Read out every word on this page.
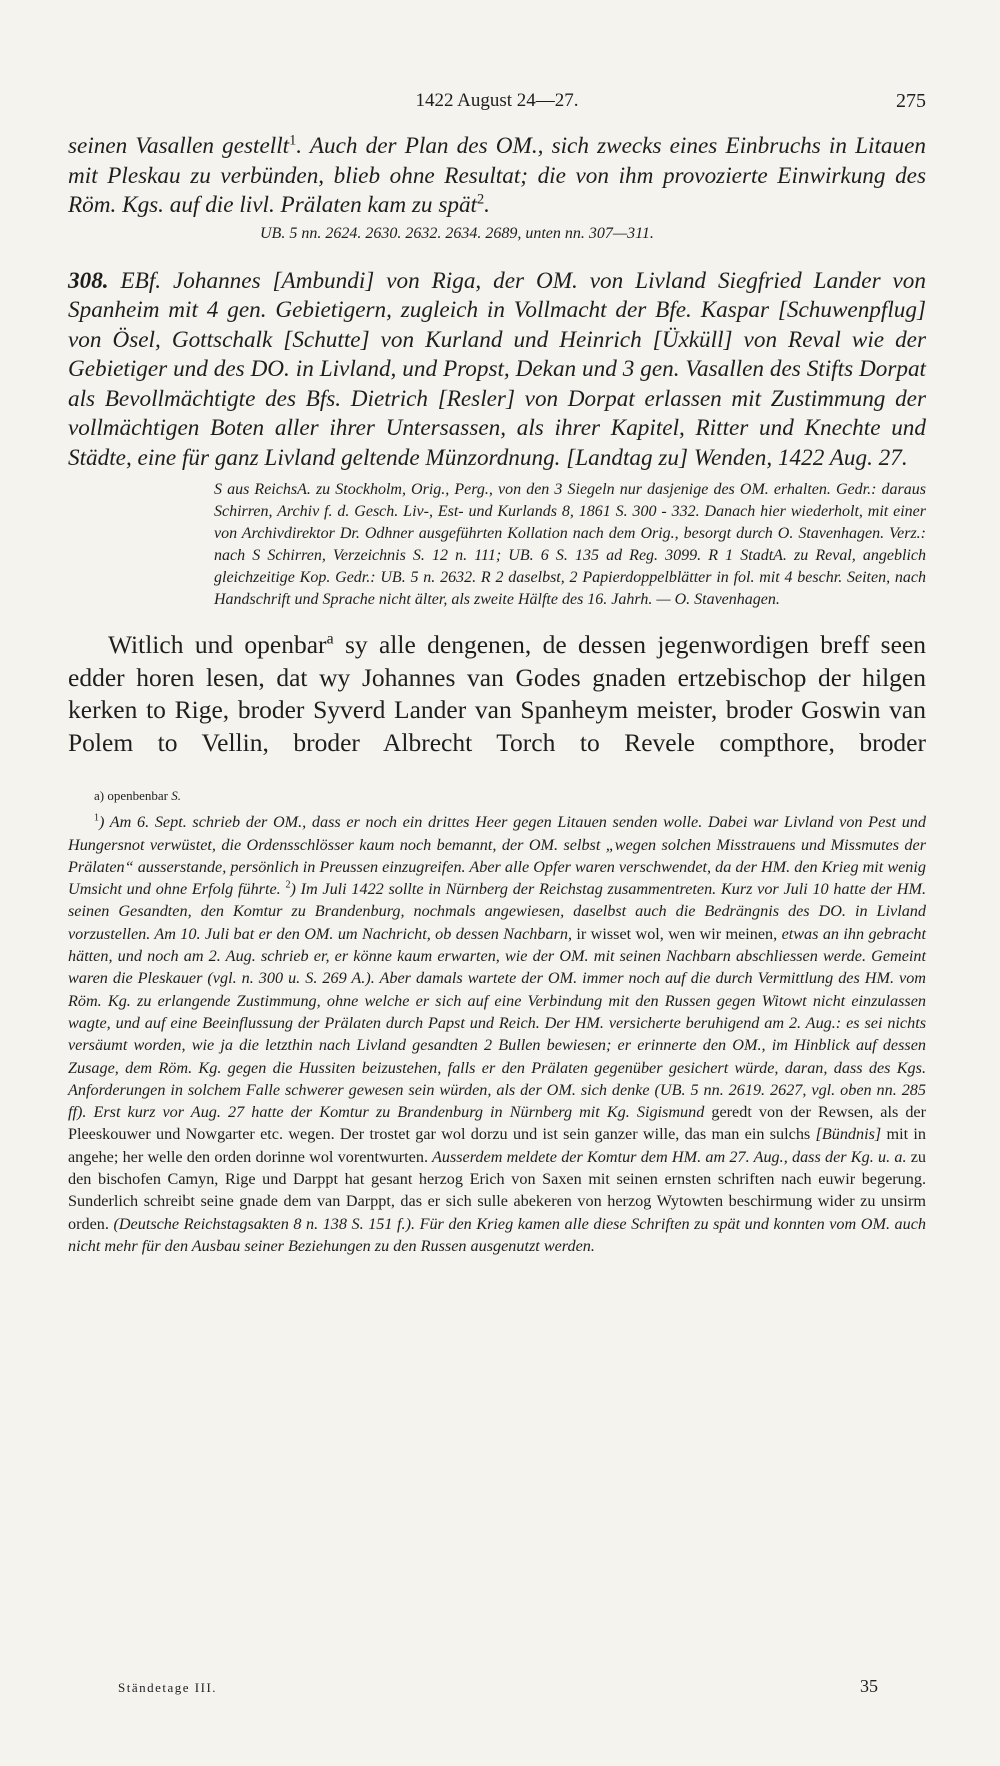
1422 August 24—27.	275
seinen Vasallen gestellt$^1$. Auch der Plan des OM., sich zwecks eines Einbruchs in Litauen mit Pleskau zu verbünden, blieb ohne Resultat; die von ihm provozierte Einwirkung des Röm. Kgs. auf die livl. Prälaten kam zu spät$^2$.
UB. 5 nn. 2624. 2630. 2632. 2634. 2689, unten nn. 307—311.
308. EBf. Johannes [Ambundi] von Riga, der OM. von Livland Siegfried Lander von Spanheim mit 4 gen. Gebietigern, zugleich in Vollmacht der Bfe. Kaspar [Schuwenpflug] von Ösel, Gottschalk [Schutte] von Kurland und Heinrich [Üxküll] von Reval wie der Gebietiger und des DO. in Livland, und Propst, Dekan und 3 gen. Vasallen des Stifts Dorpat als Bevollmächtigte des Bfs. Dietrich [Resler] von Dorpat erlassen mit Zustimmung der vollmächtigen Boten aller ihrer Untersassen, als ihrer Kapitel, Ritter und Knechte und Städte, eine für ganz Livland geltende Münzordnung. [Landtag zu] Wenden, 1422 Aug. 27.
S aus ReichsA. zu Stockholm, Orig., Perg., von den 3 Siegeln nur dasjenige des OM. erhalten. Gedr.: daraus Schirren, Archiv f. d. Gesch. Liv-, Est- und Kurlands 8, 1861 S. 300 - 332. Danach hier wiederholt, mit einer von Archivdirektor Dr. Odhner ausgeführten Kollation nach dem Orig., besorgt durch O. Stavenhagen. Verz.: nach S Schirren, Verzeichnis S. 12 n. 111; UB. 6 S. 135 ad Reg. 3099. R 1 StadtA. zu Reval, angeblich gleichzeitige Kop. Gedr.: UB. 5 n. 2632. R 2 daselbst, 2 Papierdoppelblätter in fol. mit 4 beschr. Seiten, nach Handschrift und Sprache nicht älter, als zweite Hälfte des 16. Jahrh. — O. Stavenhagen.
Witlich und openbar$^a$ sy alle dengenen, de dessen jegenwordigen breff seen edder horen lesen, dat wy Johannes van Godes gnaden ertzebischop der hilgen kerken to Rige, broder Syverd Lander van Spanheym meister, broder Goswin van Polem to Vellin, broder Albrecht Torch to Revele compthore, broder
a) openbenbar S.
$^1$) Am 6. Sept. schrieb der OM., dass er noch ein drittes Heer gegen Litauen senden wolle. Dabei war Livland von Pest und Hungersnot verwüstet, die Ordensschlösser kaum noch bemannt, der OM. selbst „wegen solchen Misstrauens und Missmutes der Prälaten“ ausserstande, persönlich in Preussen einzugreifen. Aber alle Opfer waren verschwendet, da der HM. den Krieg mit wenig Umsicht und ohne Erfolg führte. $^2$) Im Juli 1422 sollte in Nürnberg der Reichstag zusammentreten. Kurz vor Juli 10 hatte der HM. seinen Gesandten, den Komtur zu Brandenburg, nochmals angewiesen, daselbst auch die Bedrängnis des DO. in Livland vorzustellen. Am 10. Juli bat er den OM. um Nachricht, ob dessen Nachbarn, ir wisset wol, wen wir meinen, etwas an ihn gebracht hätten, und noch am 2. Aug. schrieb er, er könne kaum erwarten, wie der OM. mit seinen Nachbarn abschliessen werde. Gemeint waren die Pleskauer (vgl. n. 300 u. S. 269 A.). Aber damals wartete der OM. immer noch auf die durch Vermittlung des HM. vom Röm. Kg. zu erlangende Zustimmung, ohne welche er sich auf eine Verbindung mit den Russen gegen Witowt nicht einzulassen wagte, und auf eine Beeinflussung der Prälaten durch Papst und Reich. Der HM. versicherte beruhigend am 2. Aug.: es sei nichts versäumt worden, wie ja die letzthin nach Livland gesandten 2 Bullen bewiesen; er erinnerte den OM., im Hinblick auf dessen Zusage, dem Röm. Kg. gegen die Hussiten beizustehen, falls er den Prälaten gegenüber gesichert würde, daran, dass des Kgs. Anforderungen in solchem Falle schwerer gewesen sein würden, als der OM. sich denke (UB. 5 nn. 2619. 2627, vgl. oben nn. 285 ff). Erst kurz vor Aug. 27 hatte der Komtur zu Brandenburg in Nürnberg mit Kg. Sigismund geredt von der Rewsen, als der Pleeskouwer und Nowgarter etc. wegen. Der trostet gar wol dorzu und ist sein ganzer wille, das man ein sulchs [Bündnis] mit in angehe; her welle den orden dorinne wol vorentwurten. Ausserdem meldete der Komtur dem HM. am 27. Aug., dass der Kg. u. a. zu den bischofen Camyn, Rige und Darppt hat gesant herzog Erich von Saxen mit seinen ernsten schriften nach euwir begerung. Sunderlich schreibt seine gnade dem van Darppt, das er sich sulle abekeren von herzog Wytowten beschirmung wider zu unsirm orden. (Deutsche Reichstagsakten 8 n. 138 S. 151 f.). Für den Krieg kamen alle diese Schriften zu spät und konnten vom OM. auch nicht mehr für den Ausbau seiner Beziehungen zu den Russen ausgenutzt werden.
Ständetage III.	35
